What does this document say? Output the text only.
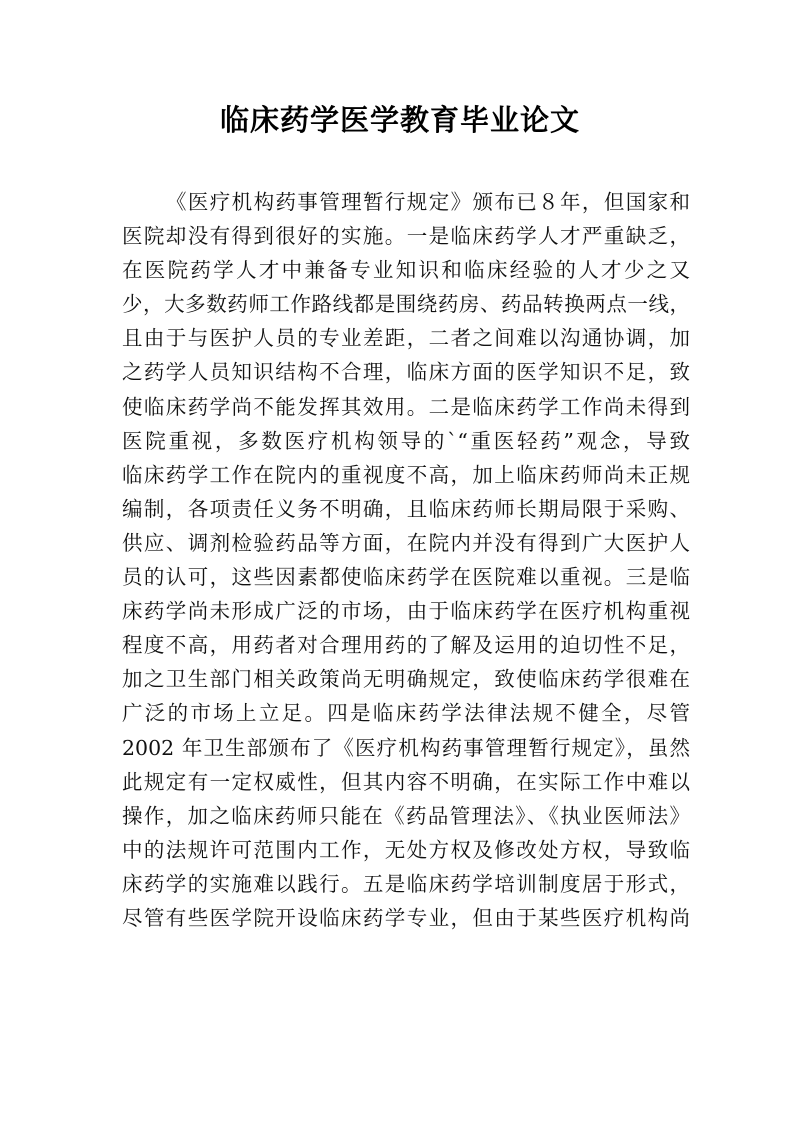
临床药学医学教育毕业论文
《医疗机构药事管理暂行规定》颁布已８年，但国家和
医院却没有得到很好的实施。一是临床药学人才严重缺乏，
在医院药学人才中兼备专业知识和临床经验的人才少之又
少，大多数药师工作路线都是围绕药房、药品转换两点一线，
且由于与医护人员的专业差距，二者之间难以沟通协调，加
之药学人员知识结构不合理，临床方面的医学知识不足，致
使临床药学尚不能发挥其效用。二是临床药学工作尚未得到
医院重视，多数医疗机构领导的`“重医轻药”观念，导致
临床药学工作在院内的重视度不高，加上临床药师尚未正规
编制，各项责任义务不明确，且临床药师长期局限于采购、
供应、调剂检验药品等方面，在院内并没有得到广大医护人
员的认可，这些因素都使临床药学在医院难以重视。三是临
床药学尚未形成广泛的市场，由于临床药学在医疗机构重视
程度不高，用药者对合理用药的了解及运用的迫切性不足，
加之卫生部门相关政策尚无明确规定，致使临床药学很难在
广泛的市场上立足。四是临床药学法律法规不健全，尽管
2002 年卫生部颁布了《医疗机构药事管理暂行规定》，虽然
此规定有一定权威性，但其内容不明确，在实际工作中难以
操作，加之临床药师只能在《药品管理法》、《执业医师法》
中的法规许可范围内工作，无处方权及修改处方权，导致临
床药学的实施难以践行。五是临床药学培训制度居于形式，
尽管有些医学院开设临床药学专业，但由于某些医疗机构尚
